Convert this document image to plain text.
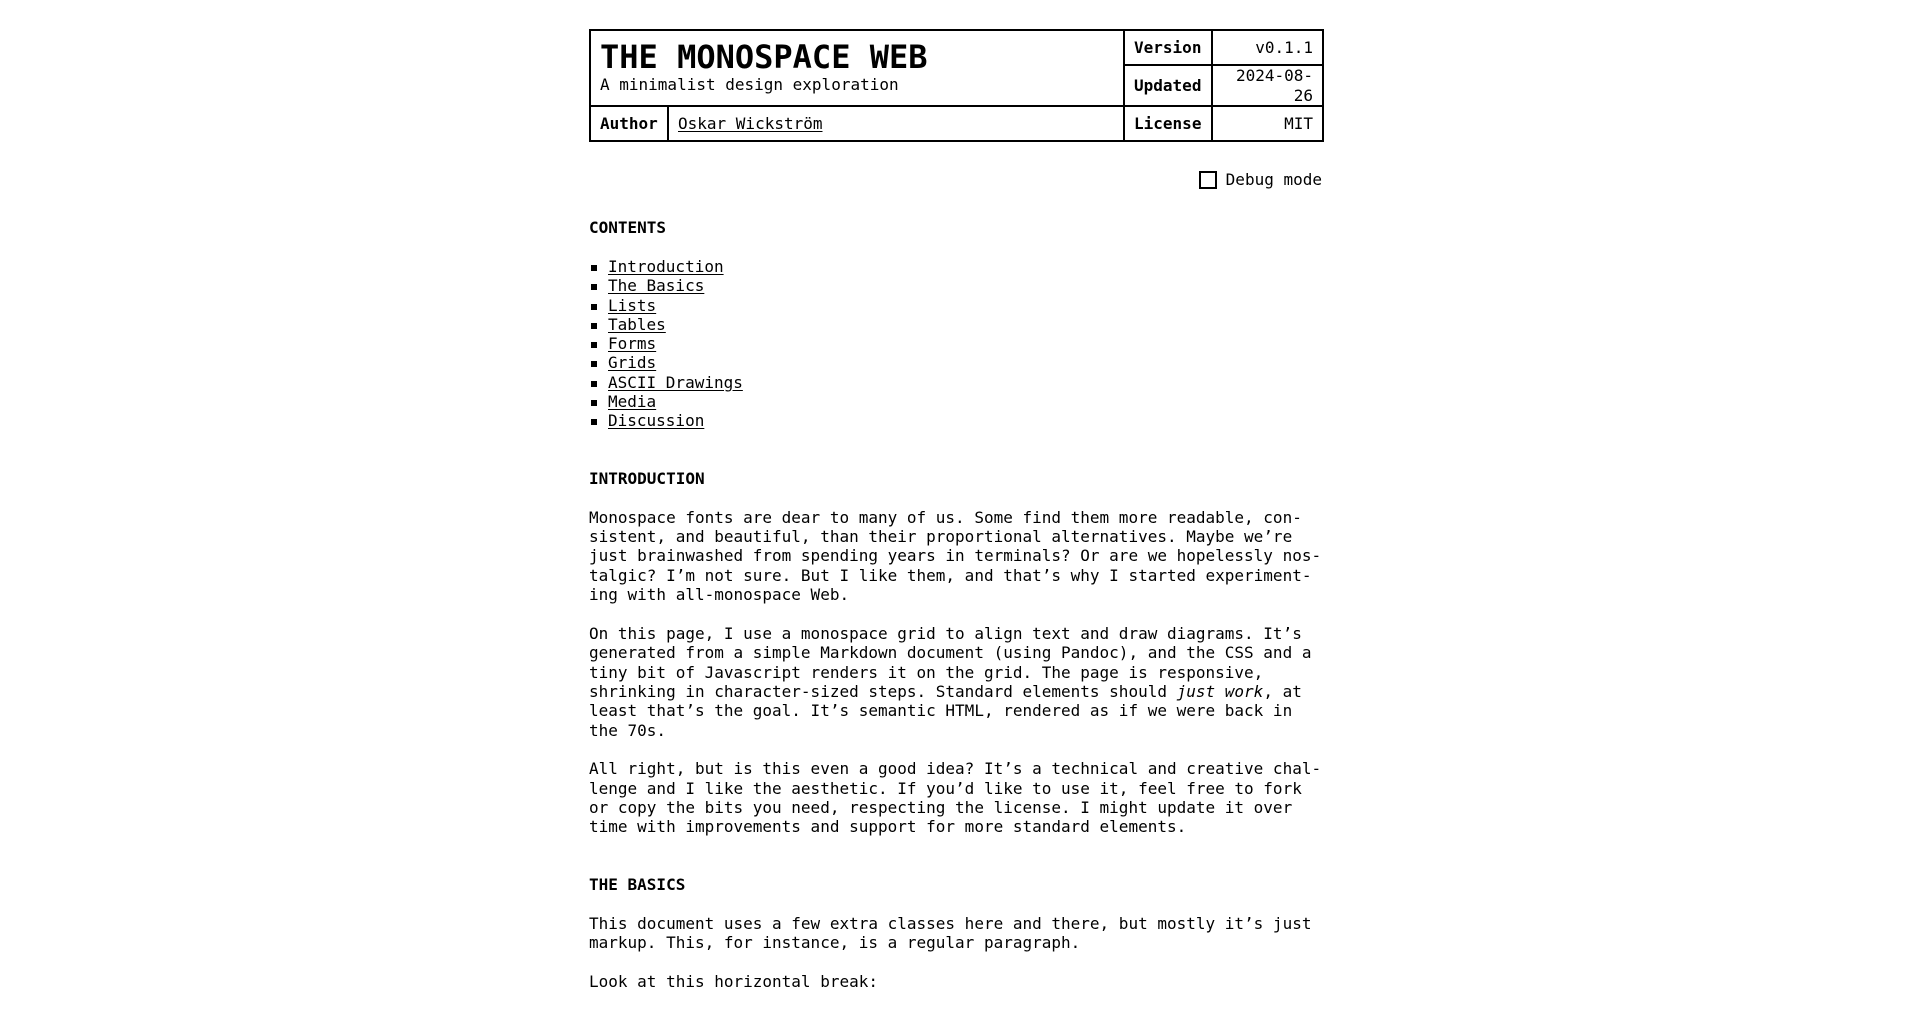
THE MONOSPACE WEB
A minimalist design exploration		Version	v0.1.1
		Updated	2024-08-26
Author	Oskar Wickström	License	MIT
Debug mode
CONTENTS
Introduction
The Basics
Lists
Tables
Forms
Grids
ASCII Drawings
Media
Discussion
INTRODUCTION

Monospace fonts are dear to many of us. Some find them more readable, con-
sistent, and beautiful, than their proportional alternatives. Maybe we’re
just brainwashed from spending years in terminals? Or are we hopelessly nos-
talgic? I’m not sure. But I like them, and that’s why I started experiment-
ing with all-monospace Web.

On this page, I use a monospace grid to align text and draw diagrams. It’s
generated from a simple Markdown document (using Pandoc), and the CSS and a
tiny bit of Javascript renders it on the grid. The page is responsive,
shrinking in character-sized steps. Standard elements should just work, at
least that’s the goal. It’s semantic HTML, rendered as if we were back in
the 70s.

All right, but is this even a good idea? It’s a technical and creative chal-
lenge and I like the aesthetic. If you’d like to use it, feel free to fork
or copy the bits you need, respecting the license. I might update it over
time with improvements and support for more standard elements.

THE BASICS

This document uses a few extra classes here and there, but mostly it’s just
markup. This, for instance, is a regular paragraph.

Look at this horizontal break:
